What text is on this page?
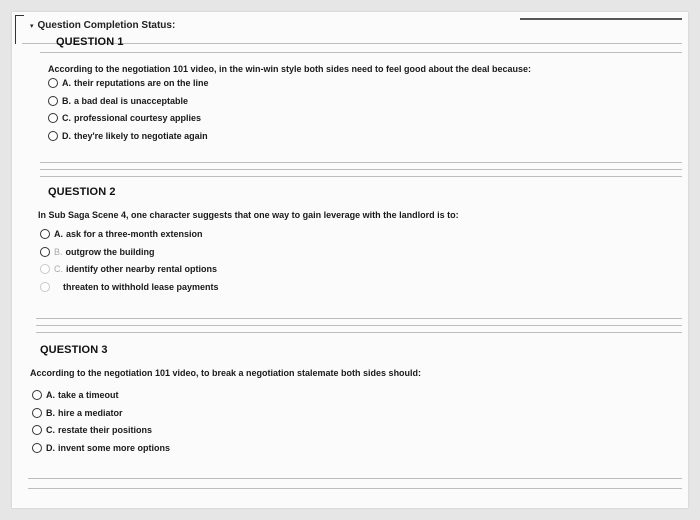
▾ Question Completion Status:
QUESTION 1
According to the negotiation 101 video, in the win-win style both sides need to feel good about the deal because:
A. their reputations are on the line
B. a bad deal is unacceptable
C. professional courtesy applies
D. they're likely to negotiate again
QUESTION 2
In Sub Saga Scene 4, one character suggests that one way to gain leverage with the landlord is to:
A. ask for a three-month extension
B. outgrow the building
C. identify other nearby rental options
threaten to withhold lease payments
QUESTION 3
According to the negotiation 101 video, to break a negotiation stalemate both sides should:
A. take a timeout
B. hire a mediator
C. restate their positions
D. invent some more options
